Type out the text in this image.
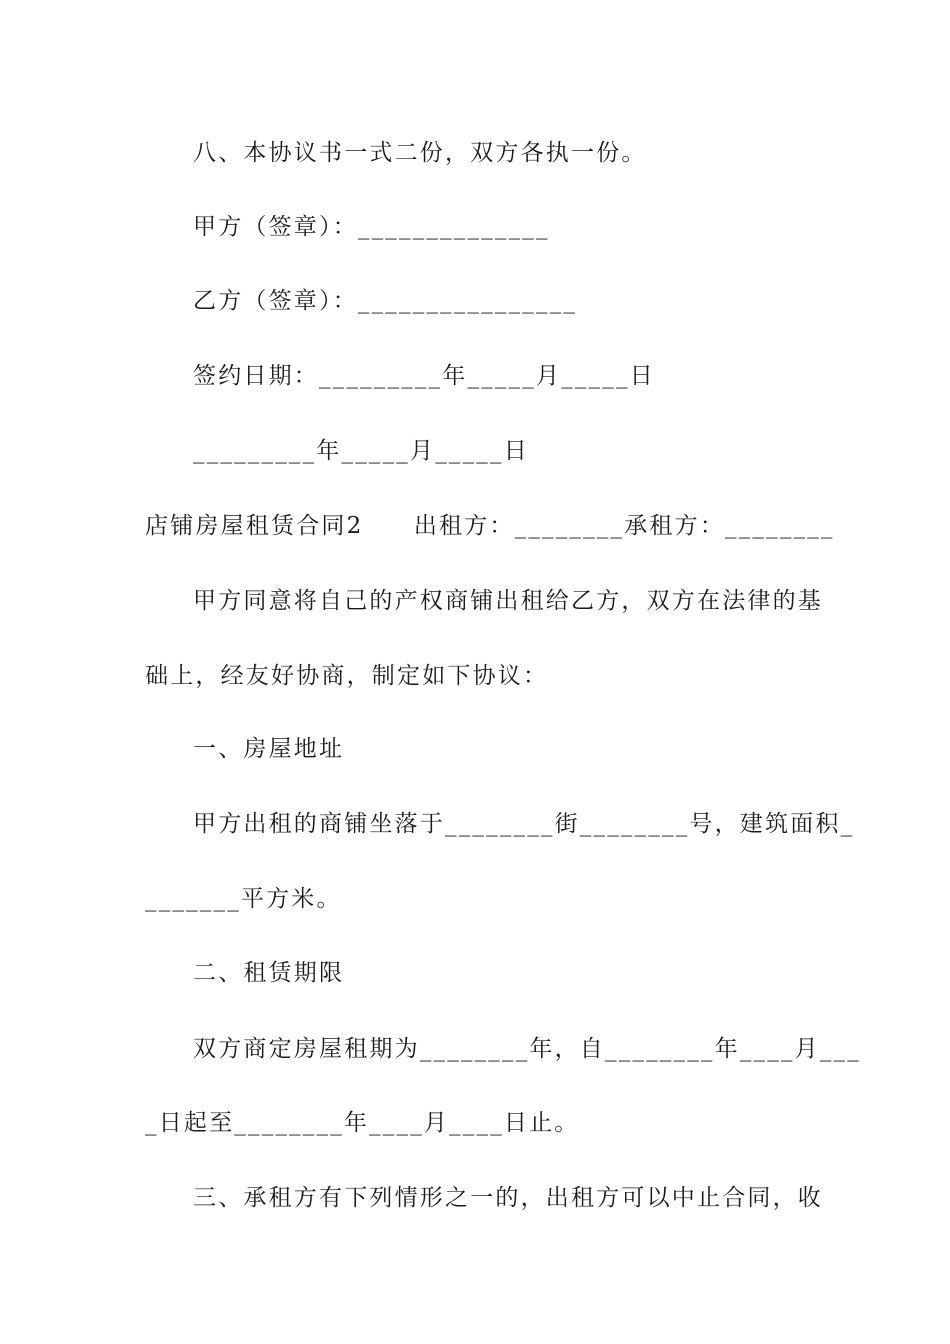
八、本协议书一式二份，双方各执一份。
甲方（签章）：______________
乙方（签章）：________________
签约日期：_________年_____月_____日
_________年_____月_____日
店铺房屋租赁合同2　　出租方：________承租方：________
甲方同意将自己的产权商铺出租给乙方，双方在法律的基
础上，经友好协商，制定如下协议：
一、房屋地址
甲方出租的商铺坐落于________街________号，建筑面积_
_______平方米。
二、租赁期限
双方商定房屋租期为________年，自________年____月___
_日起至________年____月____日止。
三、承租方有下列情形之一的，出租方可以中止合同，收
